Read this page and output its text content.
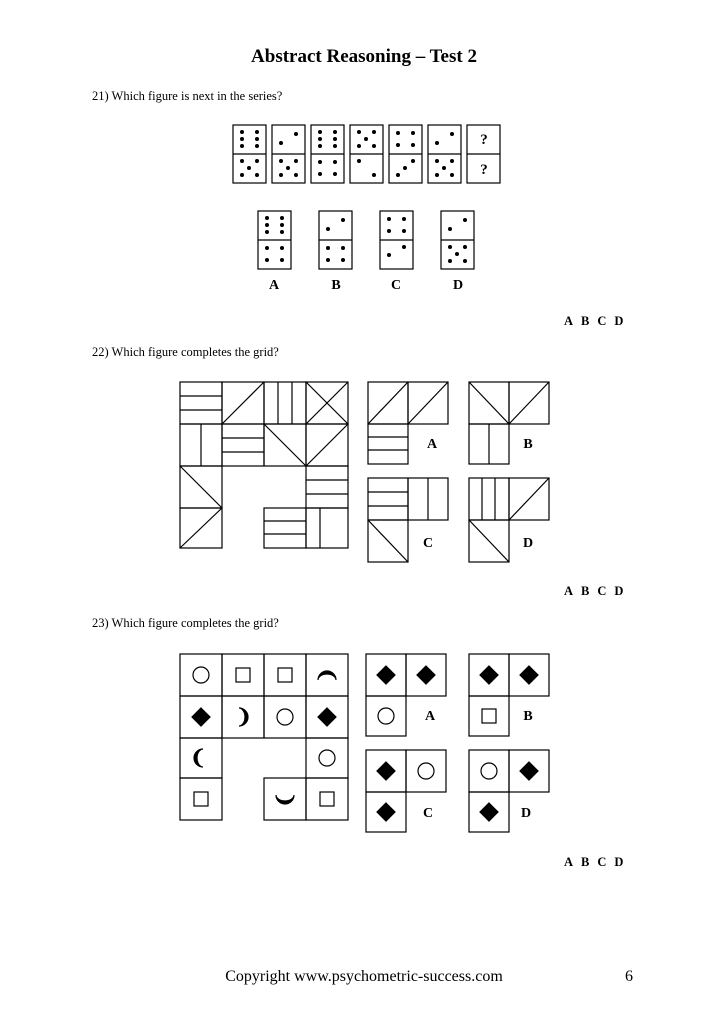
Abstract Reasoning – Test 2
21) Which figure is next in the series?
A B C D
22) Which figure completes the grid?
A B C D
23) Which figure completes the grid?
A B C D
Copyright www.psychometric-success.com	6
?
?
A	B	C	D
A	B
C	D
A	B
C	D
